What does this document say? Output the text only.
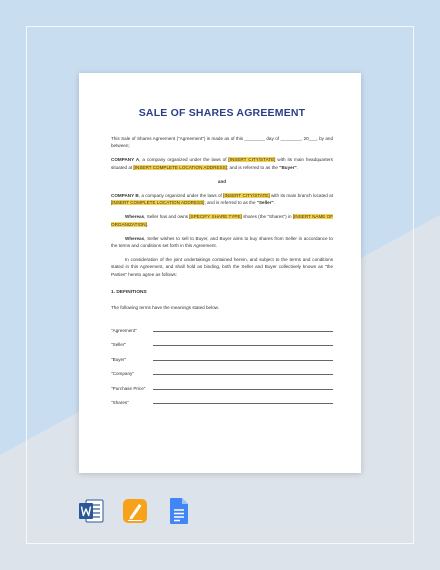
SALE OF SHARES AGREEMENT

This Sale of Shares Agreement ("Agreement") is made as of this ________ day of ________, 20___, by and between;

COMPANY A, a company organized under the laws of [INSERT CITY/STATE] with its main headquarters situated at [INSERT COMPLETE LOCATION ADDRESS]; and is referred to as the "Buyer".

and

COMPANY B, a company organized under the laws of [INSERT CITY/STATE] with its main branch located at [INSERT COMPLETE LOCATION ADDRESS]; and is referred to as the "Seller".

Whereas, Seller has and owns [SPECIFY SHARE TYPE] shares (the "Shares") in [INSERT NAME OF ORGANIZATION].

Whereas, Seller wishes to sell to Buyer, and Buyer aims to buy shares from Seller in accordance to the terms and conditions set forth in this Agreement.

In consideration of the joint undertakings contained herein, and subject to the terms and conditions stated in this Agreement, and shall hold as binding, both the Seller and Buyer collectively known as "the Parties" hereto agree as follows:

1. DEFINITIONS

The following terms have the meanings stated below.

"Agreement"
"Seller"
"Buyer"
"Company"
"Purchase Price"
"Shares"
